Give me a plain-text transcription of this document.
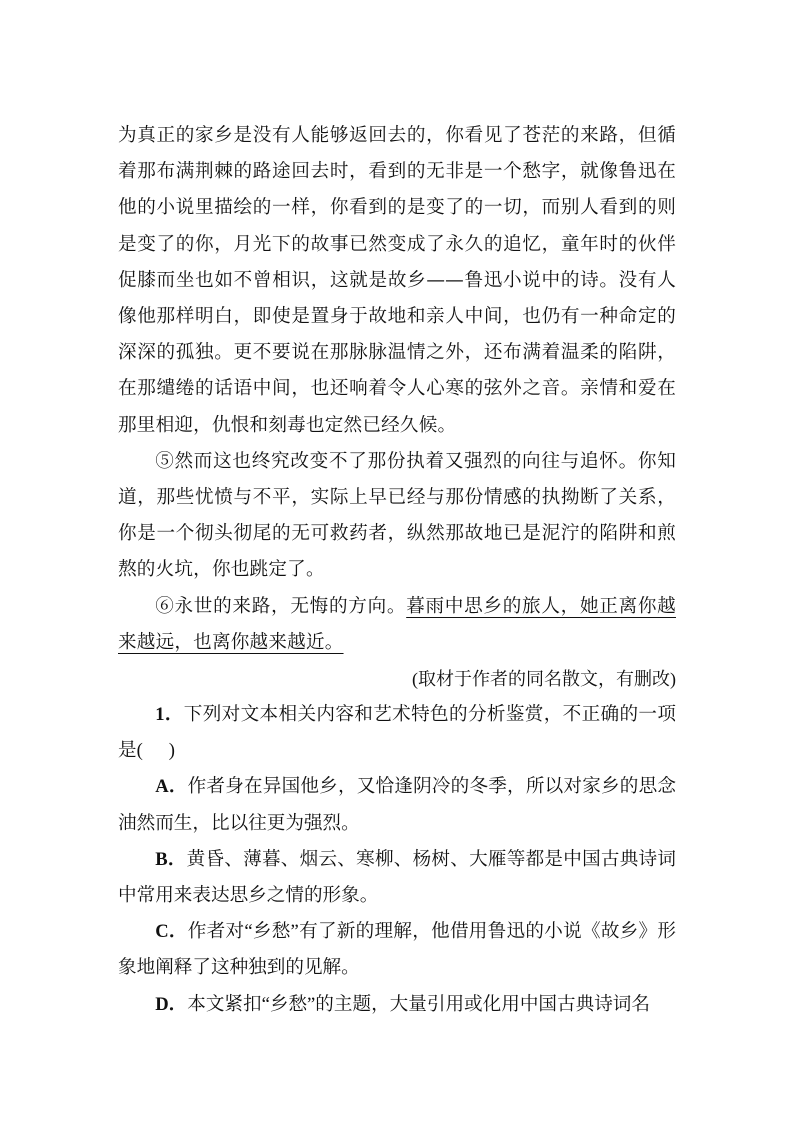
为真正的家乡是没有人能够返回去的，你看见了苍茫的来路，但循着那布满荆棘的路途回去时，看到的无非是一个愁字，就像鲁迅在他的小说里描绘的一样，你看到的是变了的一切，而别人看到的则是变了的你，月光下的故事已然变成了永久的追忆，童年时的伙伴促膝而坐也如不曾相识，这就是故乡——鲁迅小说中的诗。没有人像他那样明白，即使是置身于故地和亲人中间，也仍有一种命定的深深的孤独。更不要说在那脉脉温情之外，还布满着温柔的陷阱，在那缱绻的话语中间，也还响着令人心寒的弦外之音。亲情和爱在那里相迎，仇恨和刻毒也定然已经久候。

⑤然而这也终究改变不了那份执着又强烈的向往与追怀。你知道，那些忧愤与不平，实际上早已经与那份情感的执拗断了关系，你是一个彻头彻尾的无可救药者，纵然那故地已是泥泞的陷阱和煎熬的火坑，你也跳定了。

⑥永世的来路，无悔的方向。暮雨中思乡的旅人，她正离你越来越远，也离你越来越近。

(取材于作者的同名散文，有删改)

1．下列对文本相关内容和艺术特色的分析鉴赏，不正确的一项是( )

A．作者身在异国他乡，又恰逢阴冷的冬季，所以对家乡的思念油然而生，比以往更为强烈。

B．黄昏、薄暮、烟云、寒柳、杨树、大雁等都是中国古典诗词中常用来表达思乡之情的形象。

C．作者对“乡愁”有了新的理解，他借用鲁迅的小说《故乡》形象地阐释了这种独到的见解。

D．本文紧扣“乡愁”的主题，大量引用或化用中国古典诗词名
